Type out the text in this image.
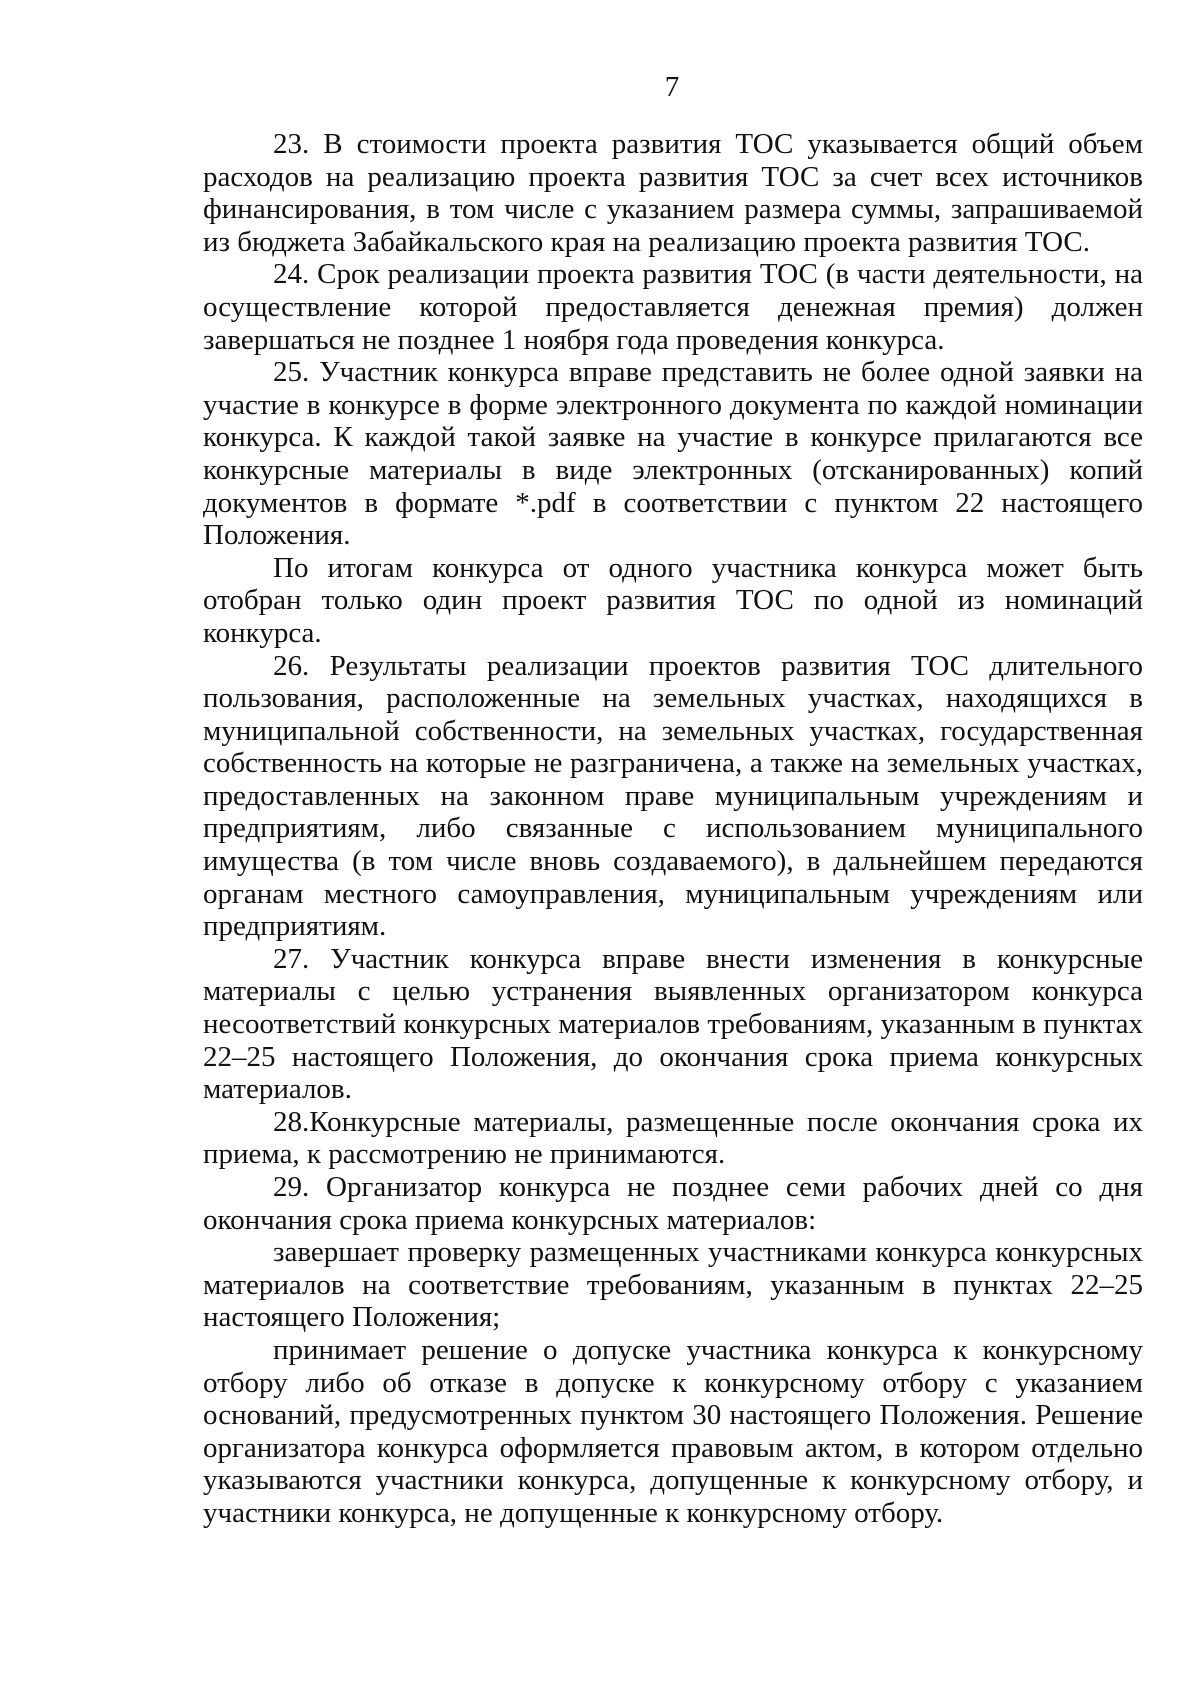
7

23. В стоимости проекта развития ТОС указывается общий объем расходов на реализацию проекта развития ТОС за счет всех источников финансирования, в том числе с указанием размера суммы, запрашиваемой из бюджета Забайкальского края на реализацию проекта развития ТОС.

24. Срок реализации проекта развития ТОС (в части деятельности, на осуществление которой предоставляется денежная премия) должен завершаться не позднее 1 ноября года проведения конкурса.

25. Участник конкурса вправе представить не более одной заявки на участие в конкурсе в форме электронного документа по каждой номинации конкурса. К каждой такой заявке на участие в конкурсе прилагаются все конкурсные материалы в виде электронных (отсканированных) копий документов в формате *.pdf в соответствии с пунктом 22 настоящего Положения.

По итогам конкурса от одного участника конкурса может быть отобран только один проект развития ТОС по одной из номинаций конкурса.

26. Результаты реализации проектов развития ТОС длительного пользования, расположенные на земельных участках, находящихся в муниципальной собственности, на земельных участках, государственная собственность на которые не разграничена, а также на земельных участках, предоставленных на законном праве муниципальным учреждениям и предприятиям, либо связанные с использованием муниципального имущества (в том числе вновь создаваемого), в дальнейшем передаются органам местного самоуправления, муниципальным учреждениям или предприятиям.

27. Участник конкурса вправе внести изменения в конкурсные материалы с целью устранения выявленных организатором конкурса несоответствий конкурсных материалов требованиям, указанным в пунктах 22–25 настоящего Положения, до окончания срока приема конкурсных материалов.

28.Конкурсные материалы, размещенные после окончания срока их приема, к рассмотрению не принимаются.

29. Организатор конкурса не позднее семи рабочих дней со дня окончания срока приема конкурсных материалов:

завершает проверку размещенных участниками конкурса конкурсных материалов на соответствие требованиям, указанным в пунктах 22–25 настоящего Положения;

принимает решение о допуске участника конкурса к конкурсному отбору либо об отказе в допуске к конкурсному отбору с указанием оснований, предусмотренных пунктом 30 настоящего Положения. Решение организатора конкурса оформляется правовым актом, в котором отдельно указываются участники конкурса, допущенные к конкурсному отбору, и участники конкурса, не допущенные к конкурсному отбору.
